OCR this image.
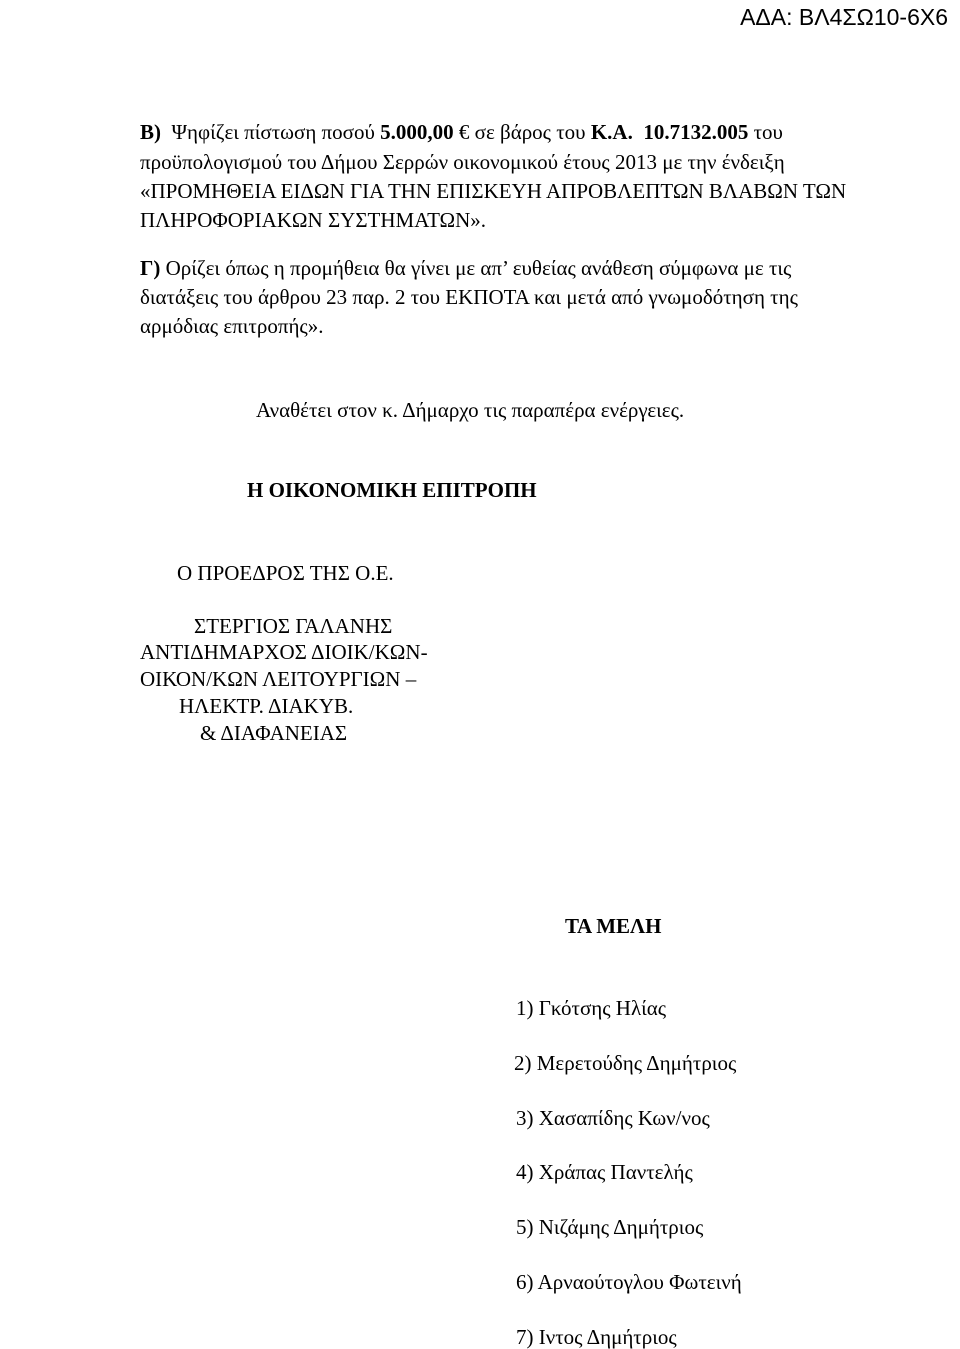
ΑΔΑ: ΒΛ4ΣΩ10-6Χ6
Β) Ψηφίζει πίστωση ποσού 5.000,00 € σε βάρος του Κ.Α. 10.7132.005 του
προϋπολογισμού του Δήμου Σερρών οικονομικού έτους 2013 με την ένδειξη
«ΠΡΟΜΗΘΕΙΑ ΕΙΔΩΝ ΓΙΑ ΤΗΝ ΕΠΙΣΚΕΥΗ ΑΠΡΟΒΛΕΠΤΩΝ ΒΛΑΒΩΝ ΤΩΝ
ΠΛΗΡΟΦΟΡΙΑΚΩΝ ΣΥΣΤΗΜΑΤΩΝ».
Γ) Ορίζει όπως η προμήθεια θα γίνει με απ’ ευθείας ανάθεση σύμφωνα με τις
διατάξεις του άρθρου 23 παρ. 2 του ΕΚΠΟΤΑ και μετά από γνωμοδότηση της
αρμόδιας επιτροπής».
Αναθέτει στον κ. Δήμαρχο τις παραπέρα ενέργειες.
Η ΟΙΚΟΝΟΜΙΚΗ ΕΠΙΤΡΟΠΗ
Ο ΠΡΟΕΔΡΟΣ ΤΗΣ Ο.Ε.
ΣΤΕΡΓΙΟΣ ΓΑΛΑΝΗΣ
ΑΝΤΙΔΗΜΑΡΧΟΣ ΔΙΟΙΚ/ΚΩΝ-
ΟΙΚΟΝ/ΚΩΝ ΛΕΙΤΟΥΡΓΙΩΝ –
ΗΛΕΚΤΡ. ΔΙΑΚΥΒ.
& ΔΙΑΦΑΝΕΙΑΣ
ΤΑ ΜΕΛΗ
1) Γκότσης Ηλίας
2) Μερετούδης Δημήτριος
3) Χασαπίδης Κων/νος
4) Χράπας Παντελής
5) Νιζάμης Δημήτριος
6) Αρναούτογλου Φωτεινή
7) Ιντος Δημήτριος
